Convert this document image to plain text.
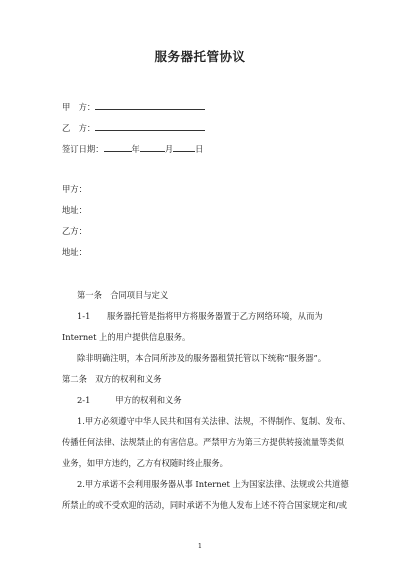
服务器托管协议
甲　方：
乙　方：
签订日期：	年	月	日
甲方：
地址：
乙方：
地址：
第一条　合同项目与定义
1-1　　服务器托管是指将甲方将服务器置于乙方网络环境，从而为
Internet 上的用户提供信息服务。
除非明确注明，本合同所涉及的服务器租赁托管以下统称“服务器”。
第二条　双方的权利和义务
2-1　　　甲方的权利和义务
1.甲方必须遵守中华人民共和国有关法律、法规，不得制作、复制、发布、
传播任何法律、法规禁止的有害信息。严禁甲方为第三方提供转接流量等类似
业务，如甲方违约，乙方有权随时终止服务。
2.甲方承诺不会利用服务器从事 Internet 上为国家法律、法规或公共道德
所禁止的或不受欢迎的活动，同时承诺不为他人发布上述不符合国家规定和/或
1
